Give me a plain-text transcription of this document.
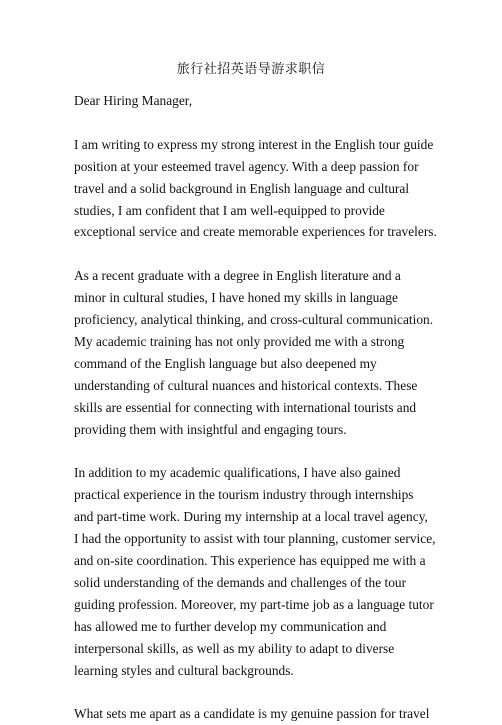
旅行社招英语导游求职信
Dear Hiring Manager,
I am writing to express my strong interest in the English tour guide
position at your esteemed travel agency. With a deep passion for
travel and a solid background in English language and cultural
studies, I am confident that I am well-equipped to provide
exceptional service and create memorable experiences for travelers.
As a recent graduate with a degree in English literature and a
minor in cultural studies, I have honed my skills in language
proficiency, analytical thinking, and cross-cultural communication.
My academic training has not only provided me with a strong
command of the English language but also deepened my
understanding of cultural nuances and historical contexts. These
skills are essential for connecting with international tourists and
providing them with insightful and engaging tours.
In addition to my academic qualifications, I have also gained
practical experience in the tourism industry through internships
and part-time work. During my internship at a local travel agency,
I had the opportunity to assist with tour planning, customer service,
and on-site coordination. This experience has equipped me with a
solid understanding of the demands and challenges of the tour
guiding profession. Moreover, my part-time job as a language tutor
has allowed me to further develop my communication and
interpersonal skills, as well as my ability to adapt to diverse
learning styles and cultural backgrounds.
What sets me apart as a candidate is my genuine passion for travel
